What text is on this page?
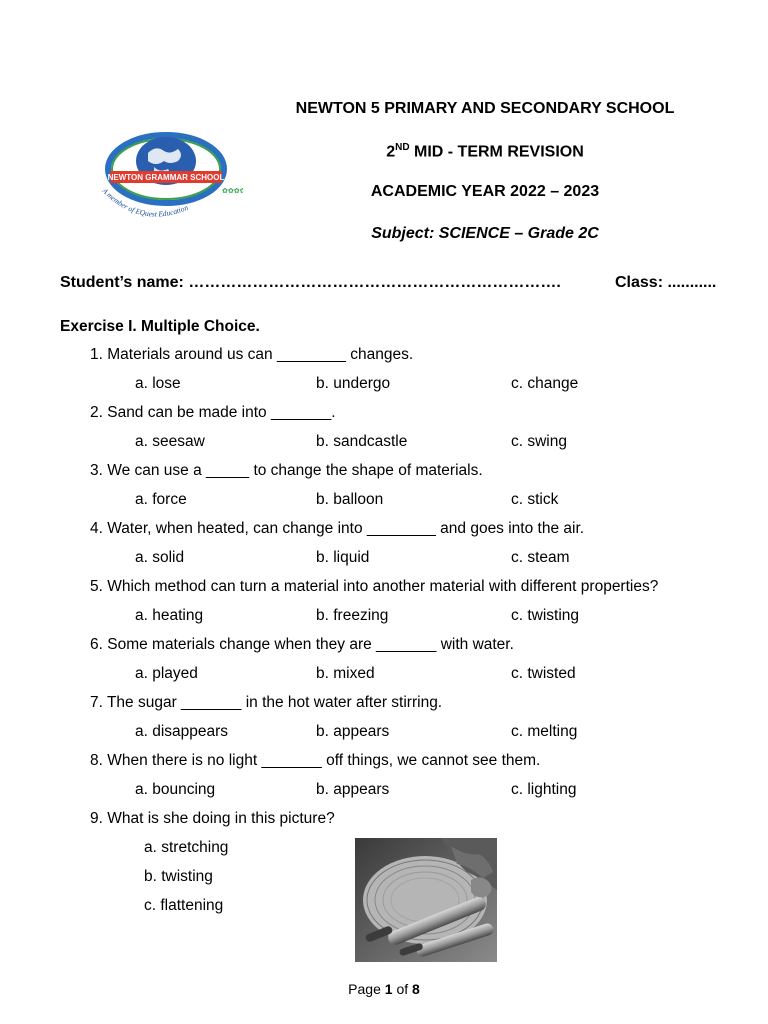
NEWTON GRAMMAR SCHOOL
A member of EQuest Education
✿✿✿✿
NEWTON 5 PRIMARY AND SECONDARY SCHOOL
2ND MID - TERM REVISION
ACADEMIC YEAR 2022 – 2023
Subject: SCIENCE – Grade 2C
Student’s name: …………………………………………………………….	Class: ...........
Exercise I. Multiple Choice.
1. Materials around us can ________ changes.
a. lose	b. undergo	c. change
2. Sand can be made into _______.
a. seesaw	b. sandcastle	c. swing
3. We can use a _____ to change the shape of materials.
a. force	b. balloon	c. stick
4. Water, when heated, can change into ________ and goes into the air.
a. solid	b. liquid	c. steam
5. Which method can turn a material into another material with different properties?
a. heating	b. freezing	c. twisting
6. Some materials change when they are _______ with water.
a. played	b. mixed	c. twisted
7. The sugar _______ in the hot water after stirring.
a. disappears	b. appears	c. melting
8. When there is no light _______ off things, we cannot see them.
a. bouncing	b. appears	c. lighting
9. What is she doing in this picture?
a. stretching
b. twisting
c. flattening
Page 1 of 8
